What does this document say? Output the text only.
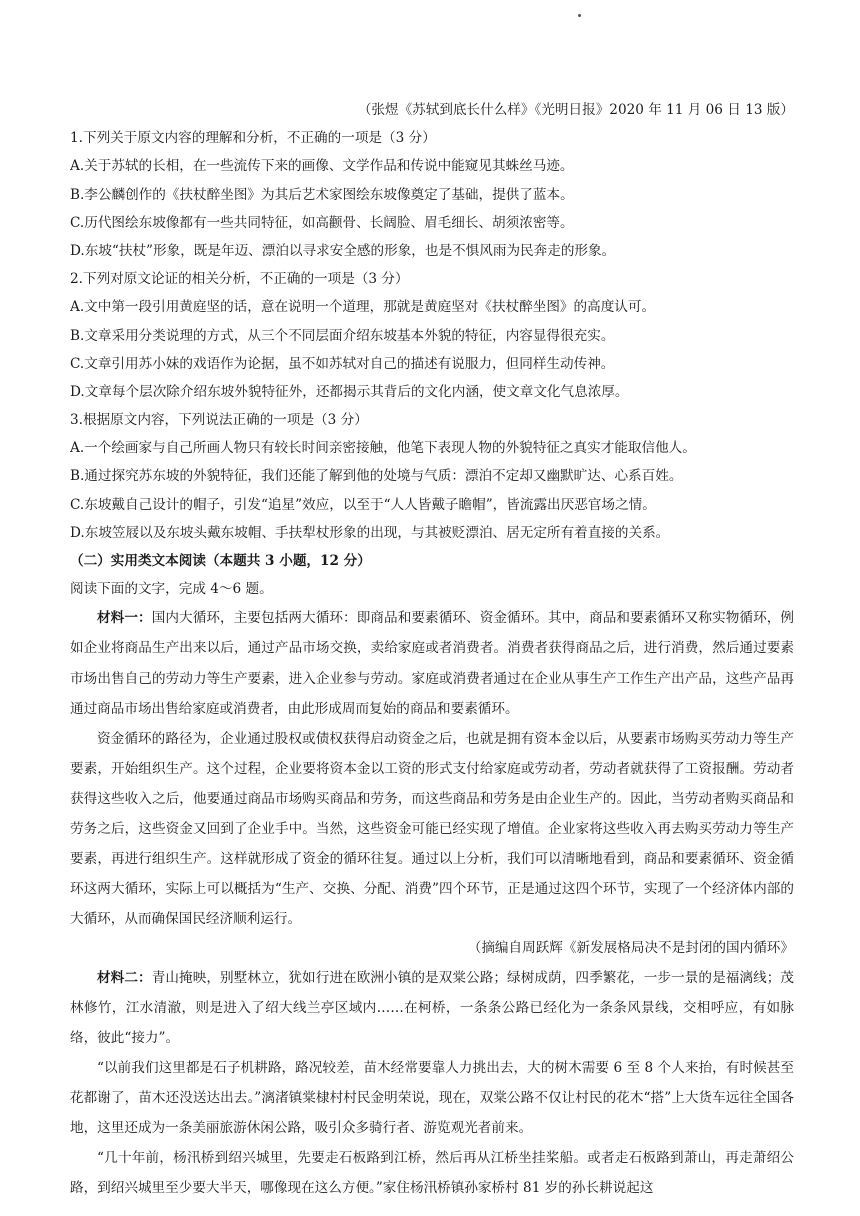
（张煜《苏轼到底长什么样》《光明日报》2020 年 11 月 06 日 13 版）
1.下列关于原文内容的理解和分析，不正确的一项是（3 分）
A.关于苏轼的长相，在一些流传下来的画像、文学作品和传说中能窥见其蛛丝马迹。
B.李公麟创作的《扶杖醉坐图》为其后艺术家图绘东坡像奠定了基础，提供了蓝本。
C.历代图绘东坡像都有一些共同特征，如高颧骨、长阔脸、眉毛细长、胡须浓密等。
D.东坡“扶杖”形象，既是年迈、漂泊以寻求安全感的形象，也是不惧风雨为民奔走的形象。
2.下列对原文论证的相关分析，不正确的一项是（3 分）
A.文中第一段引用黄庭坚的话，意在说明一个道理，那就是黄庭坚对《扶杖醉坐图》的高度认可。
B.文章采用分类说理的方式，从三个不同层面介绍东坡基本外貌的特征，内容显得很充实。
C.文章引用苏小妹的戏语作为论据，虽不如苏轼对自己的描述有说服力，但同样生动传神。
D.文章每个层次除介绍东坡外貌特征外，还都揭示其背后的文化内涵，使文章文化气息浓厚。
3.根据原文内容，下列说法正确的一项是（3 分）
A.一个绘画家与自己所画人物只有较长时间亲密接触，他笔下表现人物的外貌特征之真实才能取信他人。
B.通过探究苏东坡的外貌特征，我们还能了解到他的处境与气质：漂泊不定却又幽默旷达、心系百姓。
C.东坡戴自己设计的帽子，引发“追星”效应，以至于“人人皆戴子瞻帽”，皆流露出厌恶官场之情。
D.东坡笠屐以及东坡头戴东坡帽、手扶犁杖形象的出现，与其被贬漂泊、居无定所有着直接的关系。
（二）实用类文本阅读（本题共 3 小题，12 分）
阅读下面的文字，完成 4～6 题。
材料一：国内大循环，主要包括两大循环：即商品和要素循环、资金循环。其中，商品和要素循环又称实物循环，例如企业将商品生产出来以后，通过产品市场交换，卖给家庭或者消费者。消费者获得商品之后，进行消费，然后通过要素市场出售自己的劳动力等生产要素，进入企业参与劳动。家庭或消费者通过在企业从事生产工作生产出产品，这些产品再通过商品市场出售给家庭或消费者，由此形成周而复始的商品和要素循环。
资金循环的路径为，企业通过股权或债权获得启动资金之后，也就是拥有资本金以后，从要素市场购买劳动力等生产要素，开始组织生产。这个过程，企业要将资本金以工资的形式支付给家庭或劳动者，劳动者就获得了工资报酬。劳动者获得这些收入之后，他要通过商品市场购买商品和劳务，而这些商品和劳务是由企业生产的。因此，当劳动者购买商品和劳务之后，这些资金又回到了企业手中。当然，这些资金可能已经实现了增值。企业家将这些收入再去购买劳动力等生产要素，再进行组织生产。这样就形成了资金的循环往复。通过以上分析，我们可以清晰地看到，商品和要素循环、资金循环这两大循环，实际上可以概括为“生产、交换、分配、消费”四个环节，正是通过这四个环节，实现了一个经济体内部的大循环，从而确保国民经济顺利运行。
（摘编自周跃辉《新发展格局决不是封闭的国内循环》
材料二：青山掩映，别墅林立，犹如行进在欧洲小镇的是双棠公路；绿树成荫，四季繁花，一步一景的是福漓线；茂林修竹，江水清澈，则是进入了绍大线兰亭区域内……在柯桥，一条条公路已经化为一条条风景线，交相呼应，有如脉络，彼此“接力”。
“以前我们这里都是石子机耕路，路况较差，苗木经常要靠人力挑出去，大的树木需要 6 至 8 个人来抬，有时候甚至花都谢了，苗木还没送达出去。”漓渚镇棠棣村村民金明荣说，现在，双棠公路不仅让村民的花木“搭”上大货车远往全国各地，这里还成为一条美丽旅游休闲公路，吸引众多骑行者、游览观光者前来。
“几十年前，杨汛桥到绍兴城里，先要走石板路到江桥，然后再从江桥坐挂桨船。或者走石板路到萧山，再走萧绍公路，到绍兴城里至少要大半天，哪像现在这么方便。”家住杨汛桥镇孙家桥村 81 岁的孙长耕说起这
